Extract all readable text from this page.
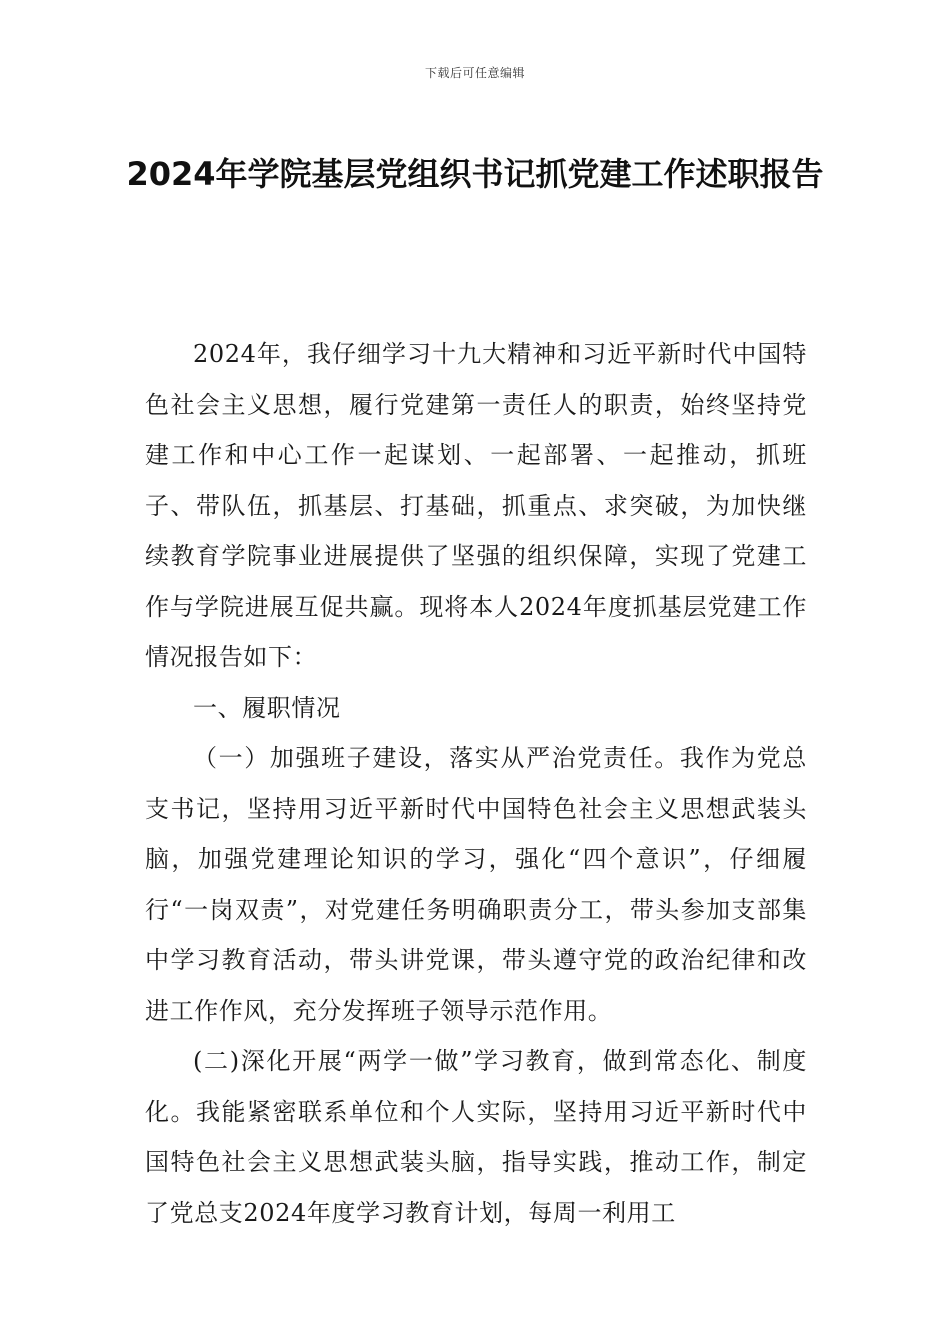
下载后可任意编辑
2024年学院基层党组织书记抓党建工作述职报告

2024年，我仔细学习十九大精神和习近平新时代中国特色社会主义思想，履行党建第一责任人的职责，始终坚持党建工作和中心工作一起谋划、一起部署、一起推动，抓班子、带队伍，抓基层、打基础，抓重点、求突破，为加快继续教育学院事业进展提供了坚强的组织保障，实现了党建工作与学院进展互促共赢。现将本人2024年度抓基层党建工作情况报告如下：

一、履职情况

（一）加强班子建设，落实从严治党责任。我作为党总支书记，坚持用习近平新时代中国特色社会主义思想武装头脑，加强党建理论知识的学习，强化“四个意识”，仔细履行“一岗双责”，对党建任务明确职责分工，带头参加支部集中学习教育活动，带头讲党课，带头遵守党的政治纪律和改进工作作风，充分发挥班子领导示范作用。

(二)深化开展“两学一做”学习教育，做到常态化、制度化。我能紧密联系单位和个人实际，坚持用习近平新时代中国特色社会主义思想武装头脑，指导实践，推动工作，制定了党总支2024年度学习教育计划，每周一利用工
